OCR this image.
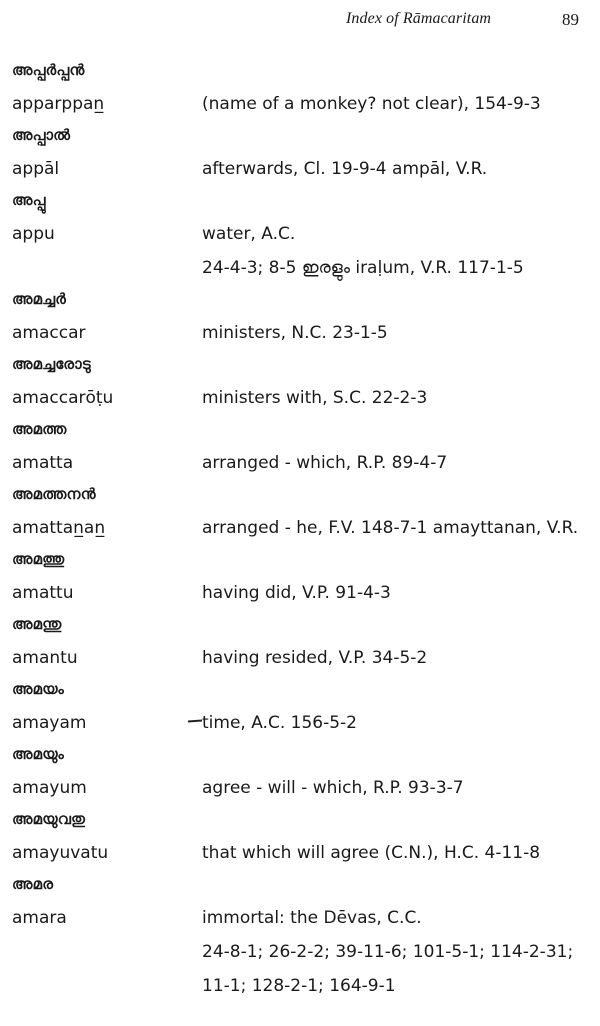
Index of Rāmacaritam	89
അപ്പർപ്പൻ
apparppan̲	(name of a monkey? not clear), 154-9-3
അപ്പാൽ
appāl	afterwards, Cl. 19-9-4 ampāl, V.R.
അപ്പു
appu	water, A.C.
24-4-3; 8-5 ഇരളും iraḷum, V.R. 117-1-5
അമച്ചർ
amaccar	ministers, N.C. 23-1-5
അമച്ചരോടു
amaccarōṭu	ministers with, S.C. 22-2-3
അമത്ത
amatta	arranged - which, R.P. 89-4-7
അമത്തനൻ
amattan̲an̲	arranged - he, F.V. 148-7-1 amayttanan, V.R.
അമത്തു
amattu	having did, V.P. 91-4-3
അമന്തു
amantu	having resided, V.P. 34-5-2
അമയം
amayam	time, A.C. 156-5-2
അമയും
amayum	agree - will - which, R.P. 93-3-7
അമയുവതു
amayuvatu	that which will agree (C.N.), H.C. 4-11-8
അമര
amara	immortal: the Dēvas, C.C.
24-8-1; 26-2-2; 39-11-6; 101-5-1; 114-2-31;
11-1; 128-2-1; 164-9-1
